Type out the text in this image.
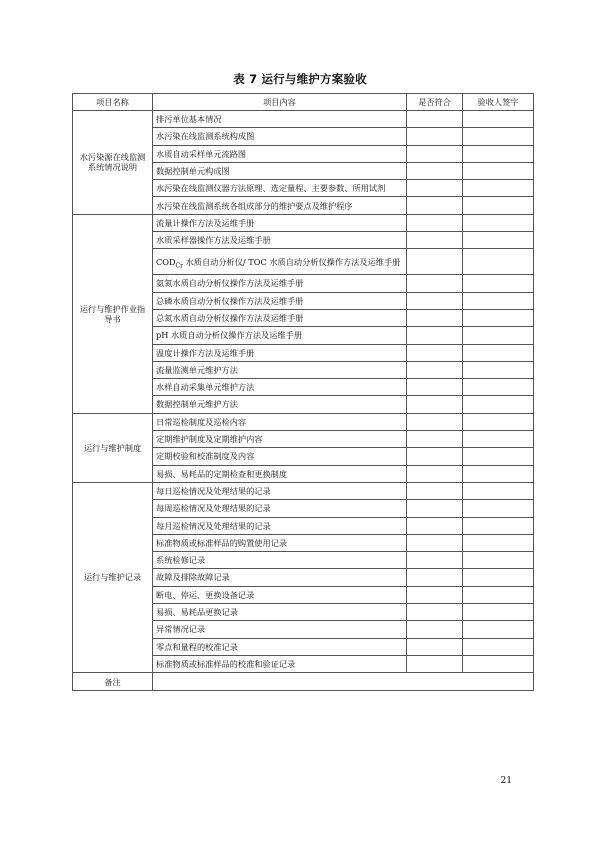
表 7 运行与维护方案验收
项目名称	项目内容	是否符合	验收人签字
水污染源在线监测系统情况说明	排污单位基本情况		
	水污染在线监测系统构成图		
	水质自动采样单元流路图		
	数据控制单元构成图		
	水污染在线监测仪器方法原理、选定量程、主要参数、所用试剂		
	水污染在线监测系统各组成部分的维护要点及维护程序		
运行与维护作业指导书	流量计操作方法及运维手册		
	水质采样器操作方法及运维手册		
	$COD_{Cr}$ 水质自动分析仪/ TOC 水质自动分析仪操作方法及运维手册		
	氨氮水质自动分析仪操作方法及运维手册		
	总磷水质自动分析仪操作方法及运维手册		
	总氮水质自动分析仪操作方法及运维手册		
	pH 水质自动分析仪操作方法及运维手册		
	温度计操作方法及运维手册		
	流量监测单元维护方法		
	水样自动采集单元维护方法		
	数据控制单元维护方法		
运行与维护制度	日常巡检制度及巡检内容		
	定期维护制度及定期维护内容		
	定期校验和校准制度及内容		
	易损、易耗品的定期检查和更换制度		
运行与维护记录	每日巡检情况及处理结果的记录		
	每周巡检情况及处理结果的记录		
	每月巡检情况及处理结果的记录		
	标准物质或标准样品的购置使用记录		
	系统检修记录		
	故障及排除故障记录		
	断电、停运、更换设备记录		
	易损、易耗品更换记录		
	异常情况记录		
	零点和量程的校准记录		
	标准物质或标准样品的校准和验证记录		
备注			
21
